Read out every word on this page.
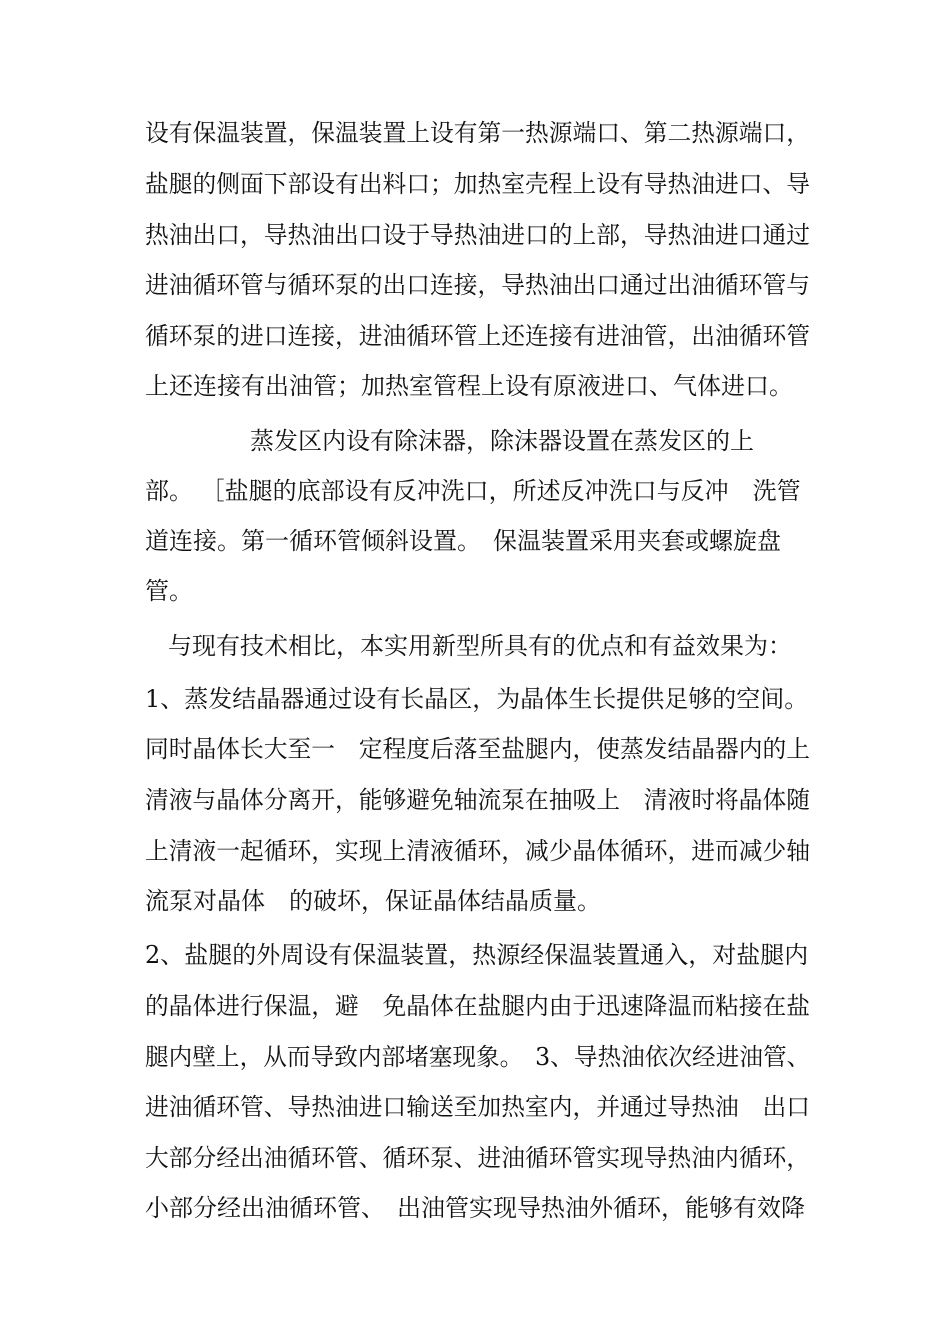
设有保温装置，保温装置上设有第一热源端口、第二热源端口，
盐腿的侧面下部设有出料口；加热室壳程上设有导热油进口、导
热油出口，导热油出口设于导热油进口的上部，导热油进口通过
进油循环管与循环泵的出口连接，导热油出口通过出油循环管与
循环泵的进口连接，进油循环管上还连接有进油管，出油循环管
上还连接有出油管；加热室管程上设有原液进口、气体进口。
蒸发区内设有除沫器，除沫器设置在蒸发区的上
部。 ［盐腿的底部设有反冲洗口，所述反冲洗口与反冲　洗管
道连接。第一循环管倾斜设置。　保温装置采用夹套或螺旋盘
管。
与现有技术相比，本实用新型所具有的优点和有益效果为：
1、蒸发结晶器通过设有长晶区，为晶体生长提供足够的空间。
同时晶体长大至一　定程度后落至盐腿内，使蒸发结晶器内的上
清液与晶体分离开，能够避免轴流泵在抽吸上　清液时将晶体随
上清液一起循环，实现上清液循环，减少晶体循环，进而减少轴
流泵对晶体　的破坏，保证晶体结晶质量。
2、盐腿的外周设有保温装置，热源经保温装置通入，对盐腿内
的晶体进行保温，避　免晶体在盐腿内由于迅速降温而粘接在盐
腿内壁上，从而导致内部堵塞现象。　3、导热油依次经进油管、
进油循环管、导热油进口输送至加热室内，并通过导热油　出口
大部分经出油循环管、循环泵、进油循环管实现导热油内循环，
小部分经出油循环管、　出油管实现导热油外循环，能够有效降
